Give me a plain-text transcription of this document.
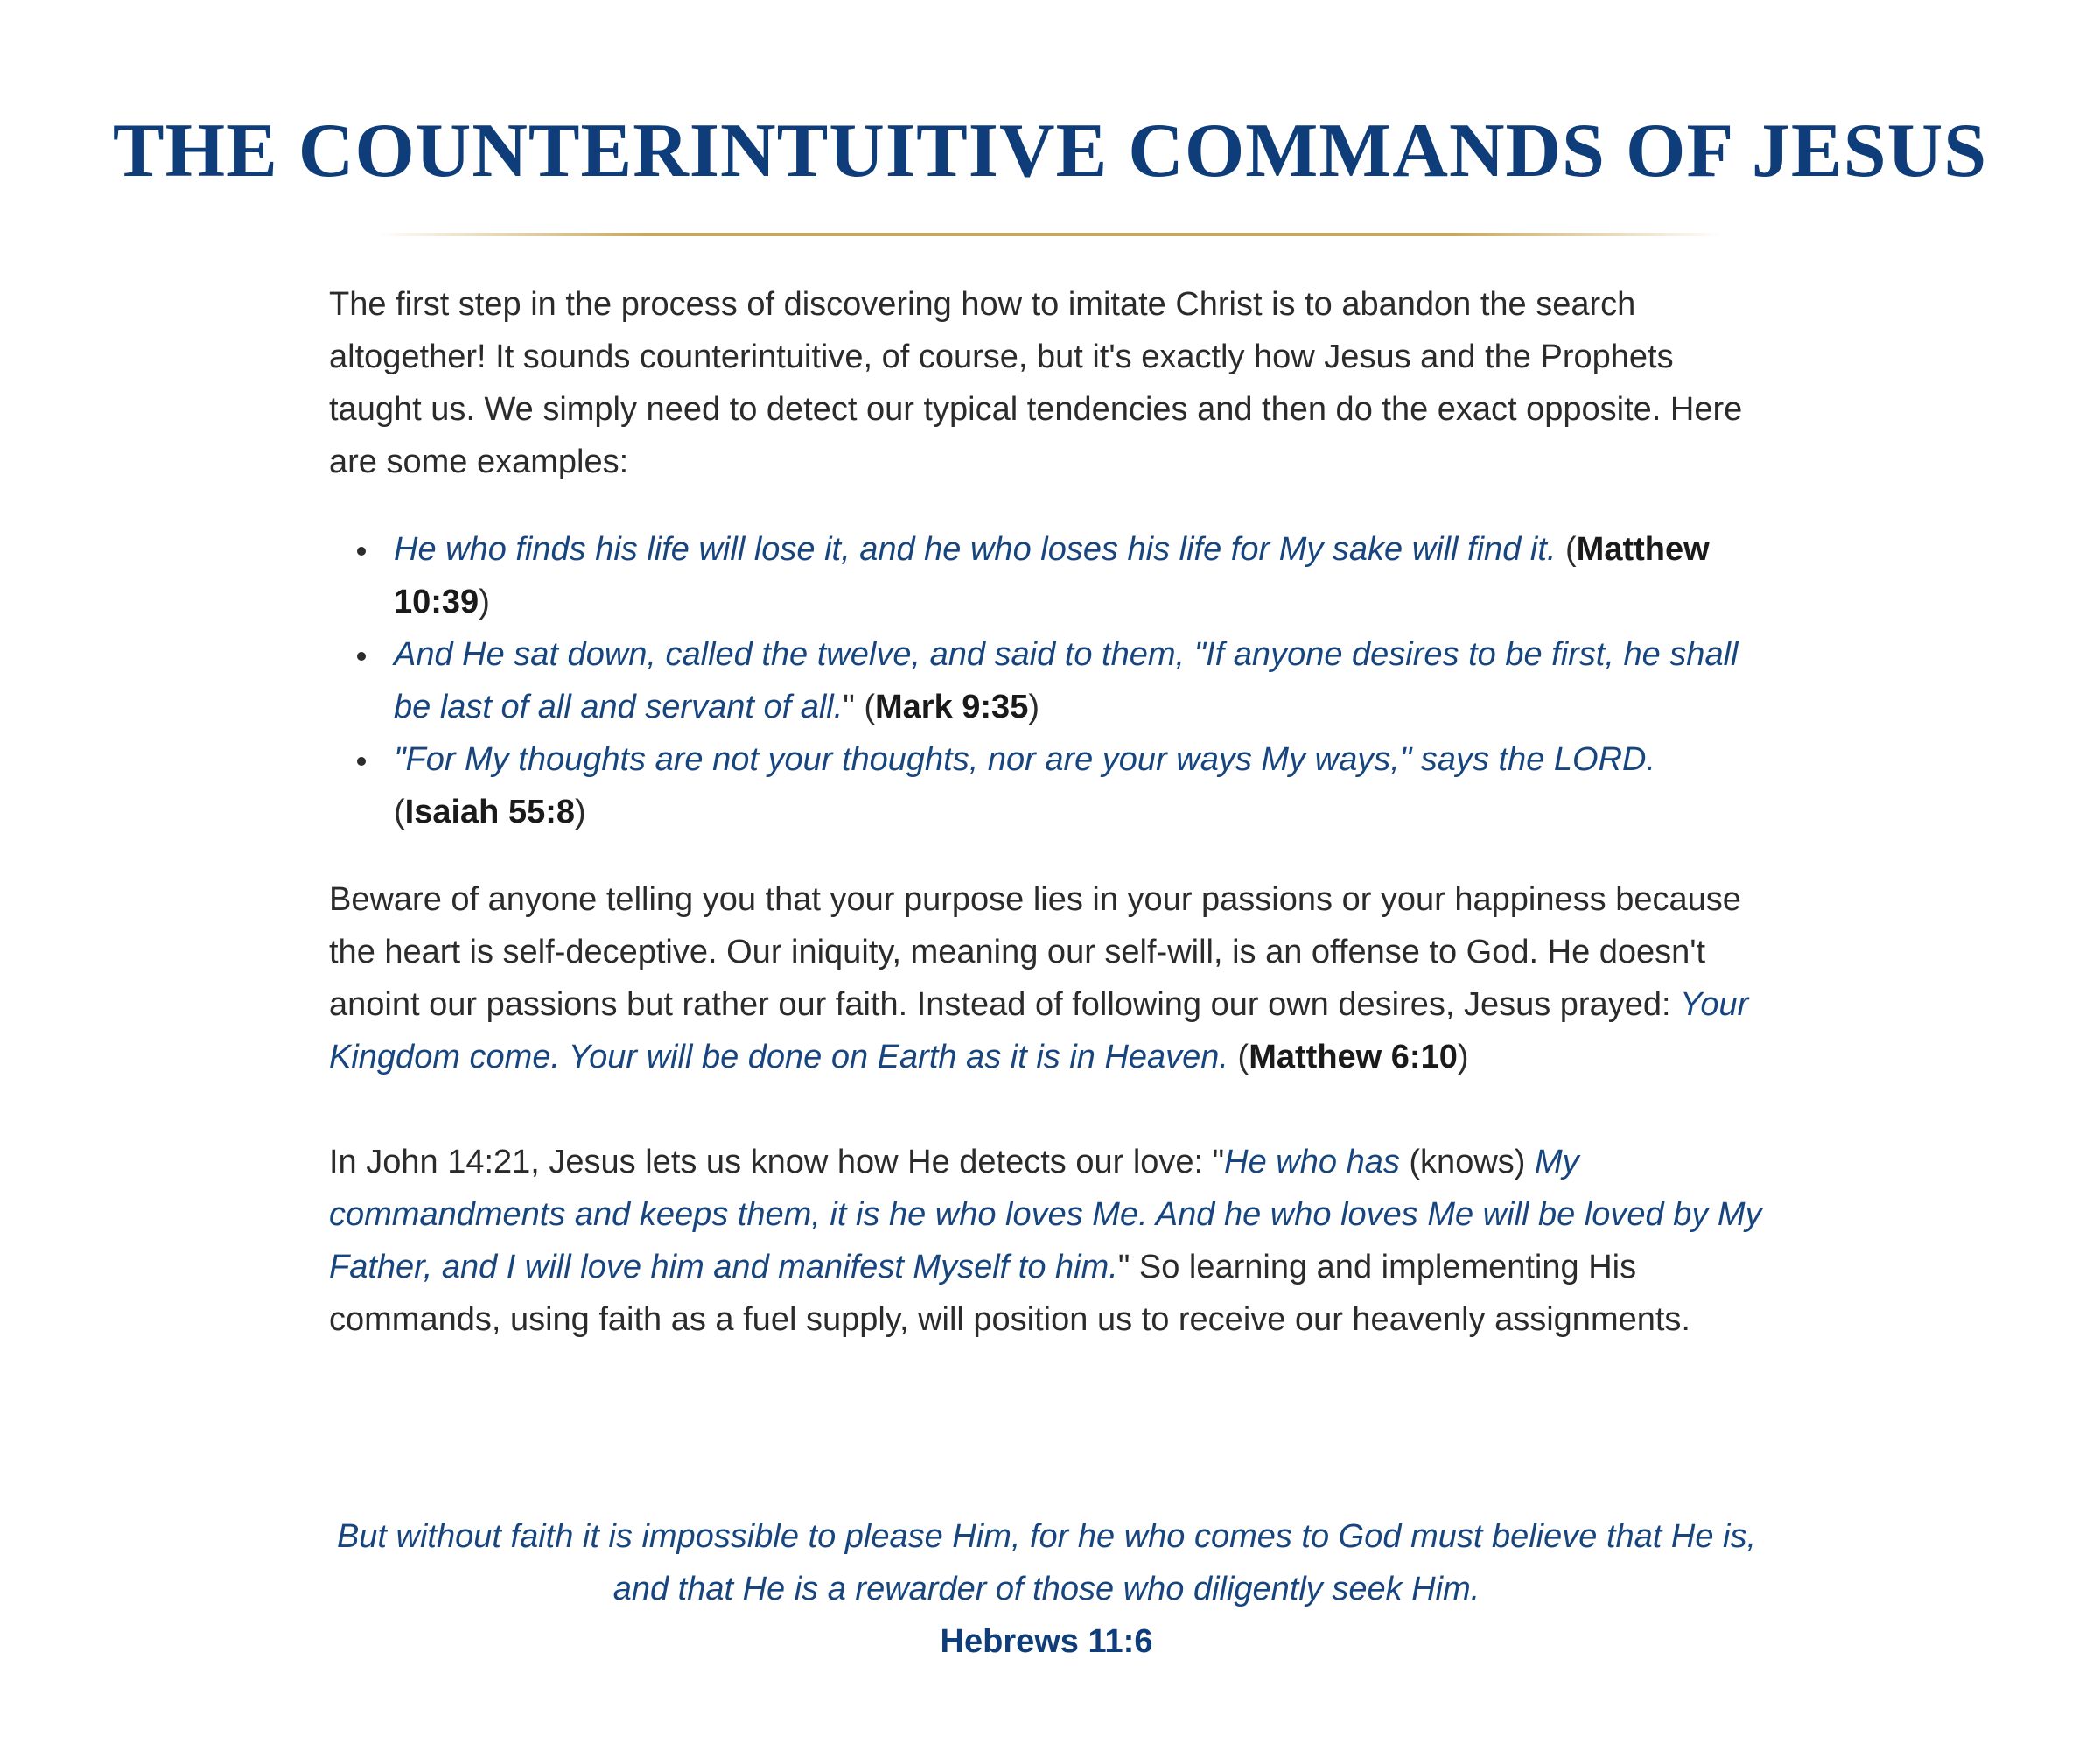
THE COUNTERINTUITIVE COMMANDS OF JESUS

The first step in the process of discovering how to imitate Christ is to abandon the search altogether! It sounds counterintuitive, of course, but it's exactly how Jesus and the Prophets taught us. We simply need to detect our typical tendencies and then do the exact opposite. Here are some examples:

He who finds his life will lose it, and he who loses his life for My sake will find it. (Matthew 10:39)
And He sat down, called the twelve, and said to them, "If anyone desires to be first, he shall be last of all and servant of all." (Mark 9:35)
"For My thoughts are not your thoughts, nor are your ways My ways," says the LORD. (Isaiah 55:8)

Beware of anyone telling you that your purpose lies in your passions or your happiness because the heart is self-deceptive. Our iniquity, meaning our self-will, is an offense to God. He doesn't anoint our passions but rather our faith. Instead of following our own desires, Jesus prayed: Your Kingdom come. Your will be done on Earth as it is in Heaven. (Matthew 6:10)

In John 14:21, Jesus lets us know how He detects our love: "He who has (knows) My commandments and keeps them, it is he who loves Me. And he who loves Me will be loved by My Father, and I will love him and manifest Myself to him." So learning and implementing His commands, using faith as a fuel supply, will position us to receive our heavenly assignments.

But without faith it is impossible to please Him, for he who comes to God must believe that He is, and that He is a rewarder of those who diligently seek Him.
Hebrews 11:6
